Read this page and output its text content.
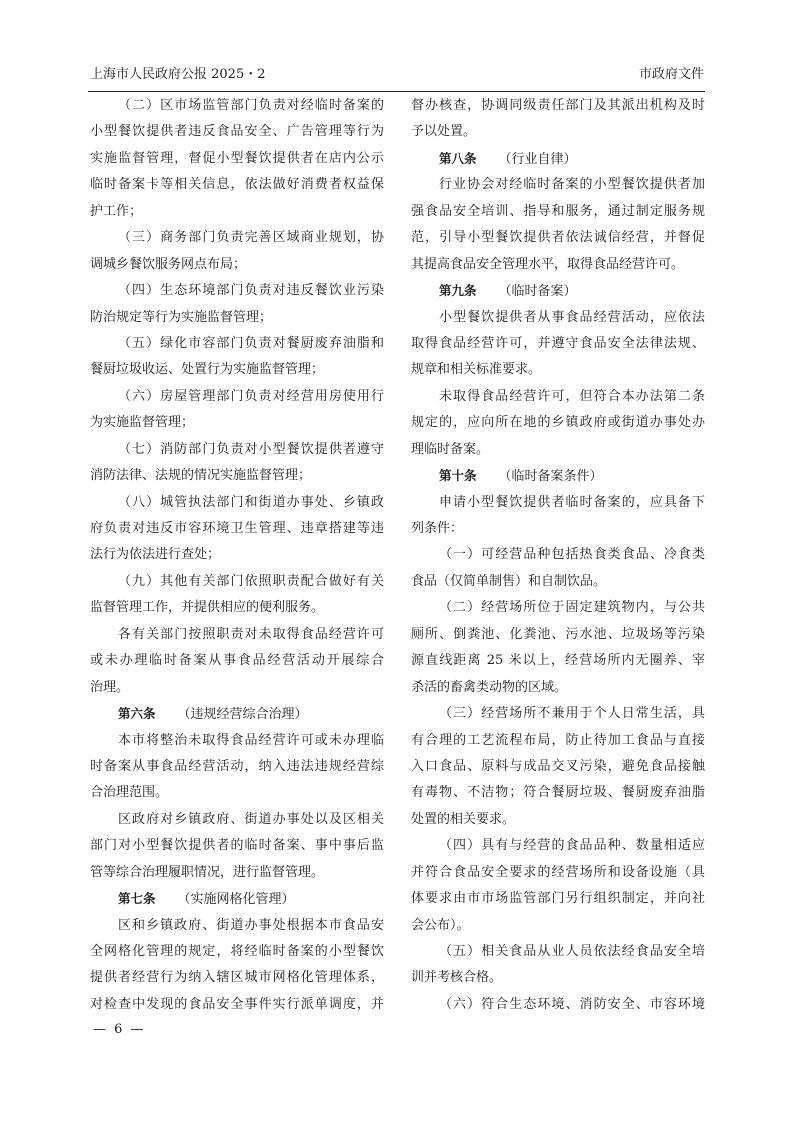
上海市人民政府公报 2025・2	市政府文件
（二）区市场监管部门负责对经临时备案的
小型餐饮提供者违反食品安全、广告管理等行为
实施监督管理，督促小型餐饮提供者在店内公示
临时备案卡等相关信息，依法做好消费者权益保
护工作；
（三）商务部门负责完善区域商业规划，协
调城乡餐饮服务网点布局；
（四）生态环境部门负责对违反餐饮业污染
防治规定等行为实施监督管理；
（五）绿化市容部门负责对餐厨废弃油脂和
餐厨垃圾收运、处置行为实施监督管理；
（六）房屋管理部门负责对经营用房使用行
为实施监督管理；
（七）消防部门负责对小型餐饮提供者遵守
消防法律、法规的情况实施监督管理；
（八）城管执法部门和街道办事处、乡镇政
府负责对违反市容环境卫生管理、违章搭建等违
法行为依法进行查处；
（九）其他有关部门依照职责配合做好有关
监督管理工作，并提供相应的便利服务。
各有关部门按照职责对未取得食品经营许可
或未办理临时备案从事食品经营活动开展综合
治理。
第六条 （违规经营综合治理）
本市将整治未取得食品经营许可或未办理临
时备案从事食品经营活动，纳入违法违规经营综
合治理范围。
区政府对乡镇政府、街道办事处以及区相关
部门对小型餐饮提供者的临时备案、事中事后监
管等综合治理履职情况，进行监督管理。
第七条 （实施网格化管理）
区和乡镇政府、街道办事处根据本市食品安
全网格化管理的规定，将经临时备案的小型餐饮
提供者经营行为纳入辖区城市网格化管理体系，
对检查中发现的食品安全事件实行派单调度，并
督办核查，协调同级责任部门及其派出机构及时
予以处置。
第八条 （行业自律）
行业协会对经临时备案的小型餐饮提供者加
强食品安全培训、指导和服务，通过制定服务规
范，引导小型餐饮提供者依法诚信经营，并督促
其提高食品安全管理水平，取得食品经营许可。
第九条 （临时备案）
小型餐饮提供者从事食品经营活动，应依法
取得食品经营许可，并遵守食品安全法律法规、
规章和相关标准要求。
未取得食品经营许可，但符合本办法第二条
规定的，应向所在地的乡镇政府或街道办事处办
理临时备案。
第十条 （临时备案条件）
申请小型餐饮提供者临时备案的，应具备下
列条件：
（一）可经营品种包括热食类食品、冷食类
食品（仅简单制售）和自制饮品。
（二）经营场所位于固定建筑物内，与公共
厕所、倒粪池、化粪池、污水池、垃圾场等污染
源直线距离 25 米以上，经营场所内无圈养、宰
杀活的畜禽类动物的区域。
（三）经营场所不兼用于个人日常生活，具
有合理的工艺流程布局，防止待加工食品与直接
入口食品、原料与成品交叉污染，避免食品接触
有毒物、不洁物；符合餐厨垃圾、餐厨废弃油脂
处置的相关要求。
（四）具有与经营的食品品种、数量相适应
并符合食品安全要求的经营场所和设备设施（具
体要求由市市场监管部门另行组织制定，并向社
会公布）。
（五）相关食品从业人员依法经食品安全培
训并考核合格。
（六）符合生态环境、消防安全、市容环境
— 6 —
